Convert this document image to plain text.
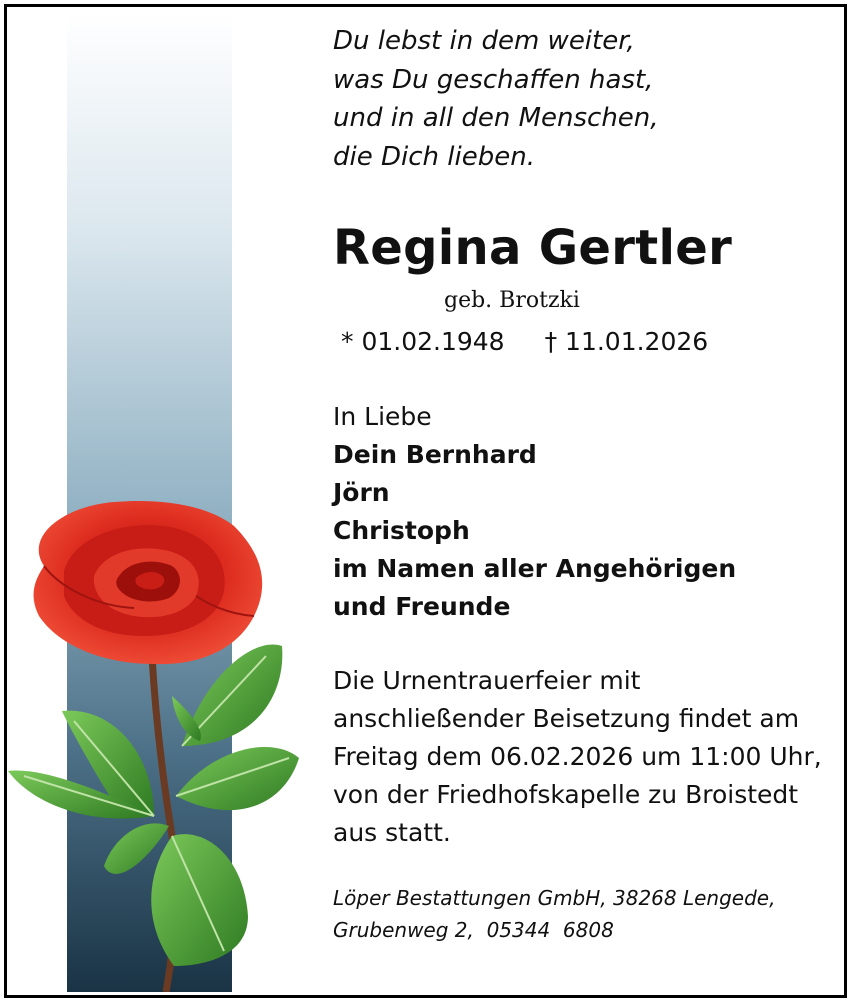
Du lebst in dem weiter,
was Du geschaffen hast,
und in all den Menschen,
die Dich lieben.

Regina Gertler

geb. Brotzki

* 01.02.1948 † 11.01.2026

In Liebe

Dein Bernhard
Jörn
Christoph
im Namen aller Angehörigen
und Freunde

Die Urnentrauerfeier mit
anschließender Beisetzung findet am
Freitag dem 06.02.2026 um 11:00 Uhr,
von der Friedhofskapelle zu Broistedt
aus statt.

Löper Bestattungen GmbH, 38268 Lengede,
Grubenweg 2,  05344  6808
